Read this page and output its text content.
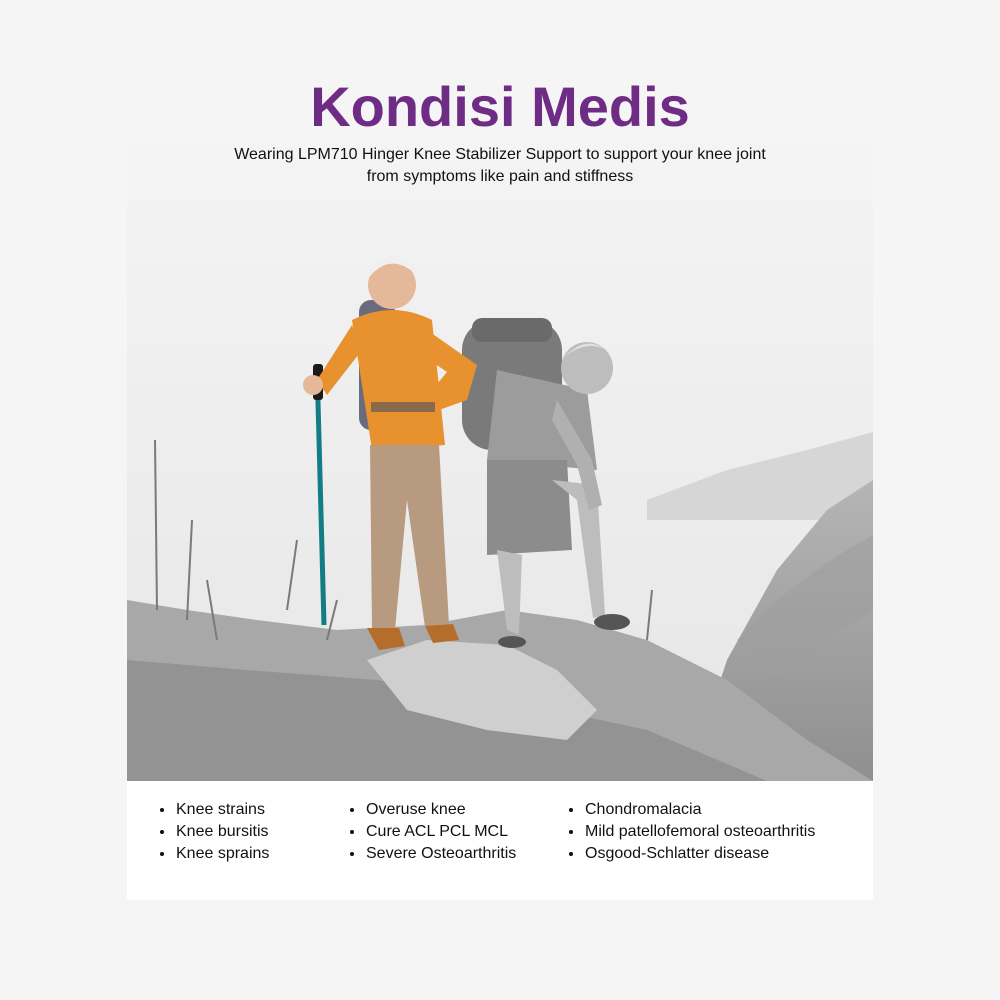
Kondisi Medis
Wearing LPM710 Hinger Knee Stabilizer Support to support your knee joint
from symptoms like pain and stiffness
Knee strains
Knee bursitis
Knee sprains
Overuse knee
Cure ACL PCL MCL
Severe Osteoarthritis
Chondromalacia
Mild patellofemoral osteoarthritis
Osgood-Schlatter disease
